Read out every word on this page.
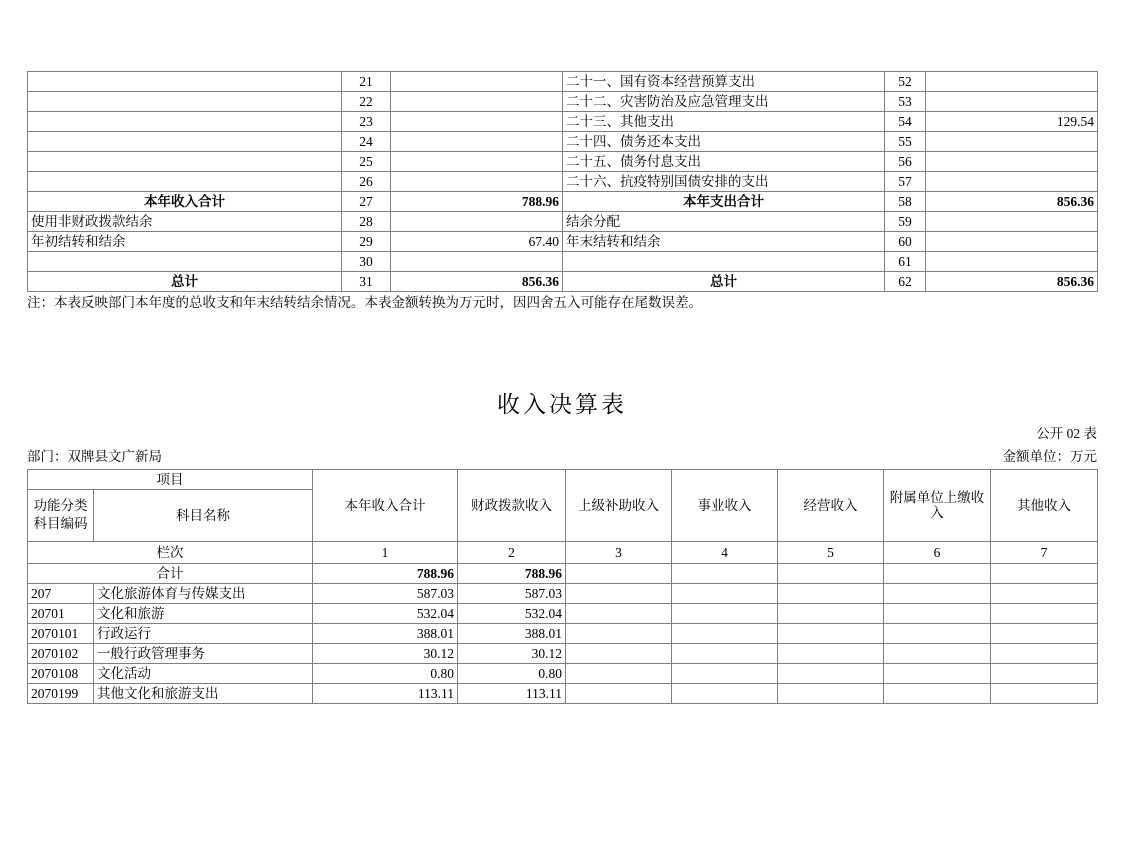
	21		二十一、国有资本经营预算支出	52	
	22		二十二、灾害防治及应急管理支出	53	
	23		二十三、其他支出	54	129.54
	24		二十四、债务还本支出	55	
	25		二十五、债务付息支出	56	
	26		二十六、抗疫特别国债安排的支出	57	
本年收入合计	27	788.96	本年支出合计	58	856.36
使用非财政拨款结余	28		结余分配	59	
年初结转和结余	29	67.40	年末结转和结余	60	
	30			61	
总计	31	856.36	总计	62	856.36
注：本表反映部门本年度的总收支和年末结转结余情况。本表金额转换为万元时，因四舍五入可能存在尾数误差。
收入决算表
公开 02 表
部门：双牌县文广新局	金额单位：万元
项目		本年收入合计	财政拨款收入	上级补助收入	事业收入	经营收入	附属单位上缴收入	其他收入
功能分类 科目编码	科目名称							
栏次		1	2	3	4	5	6	7
合计		788.96	788.96					
207	文化旅游体育与传媒支出	587.03	587.03					
20701	文化和旅游	532.04	532.04					
2070101	行政运行	388.01	388.01					
2070102	一般行政管理事务	30.12	30.12					
2070108	文化活动	0.80	0.80					
2070199	其他文化和旅游支出	113.11	113.11					
